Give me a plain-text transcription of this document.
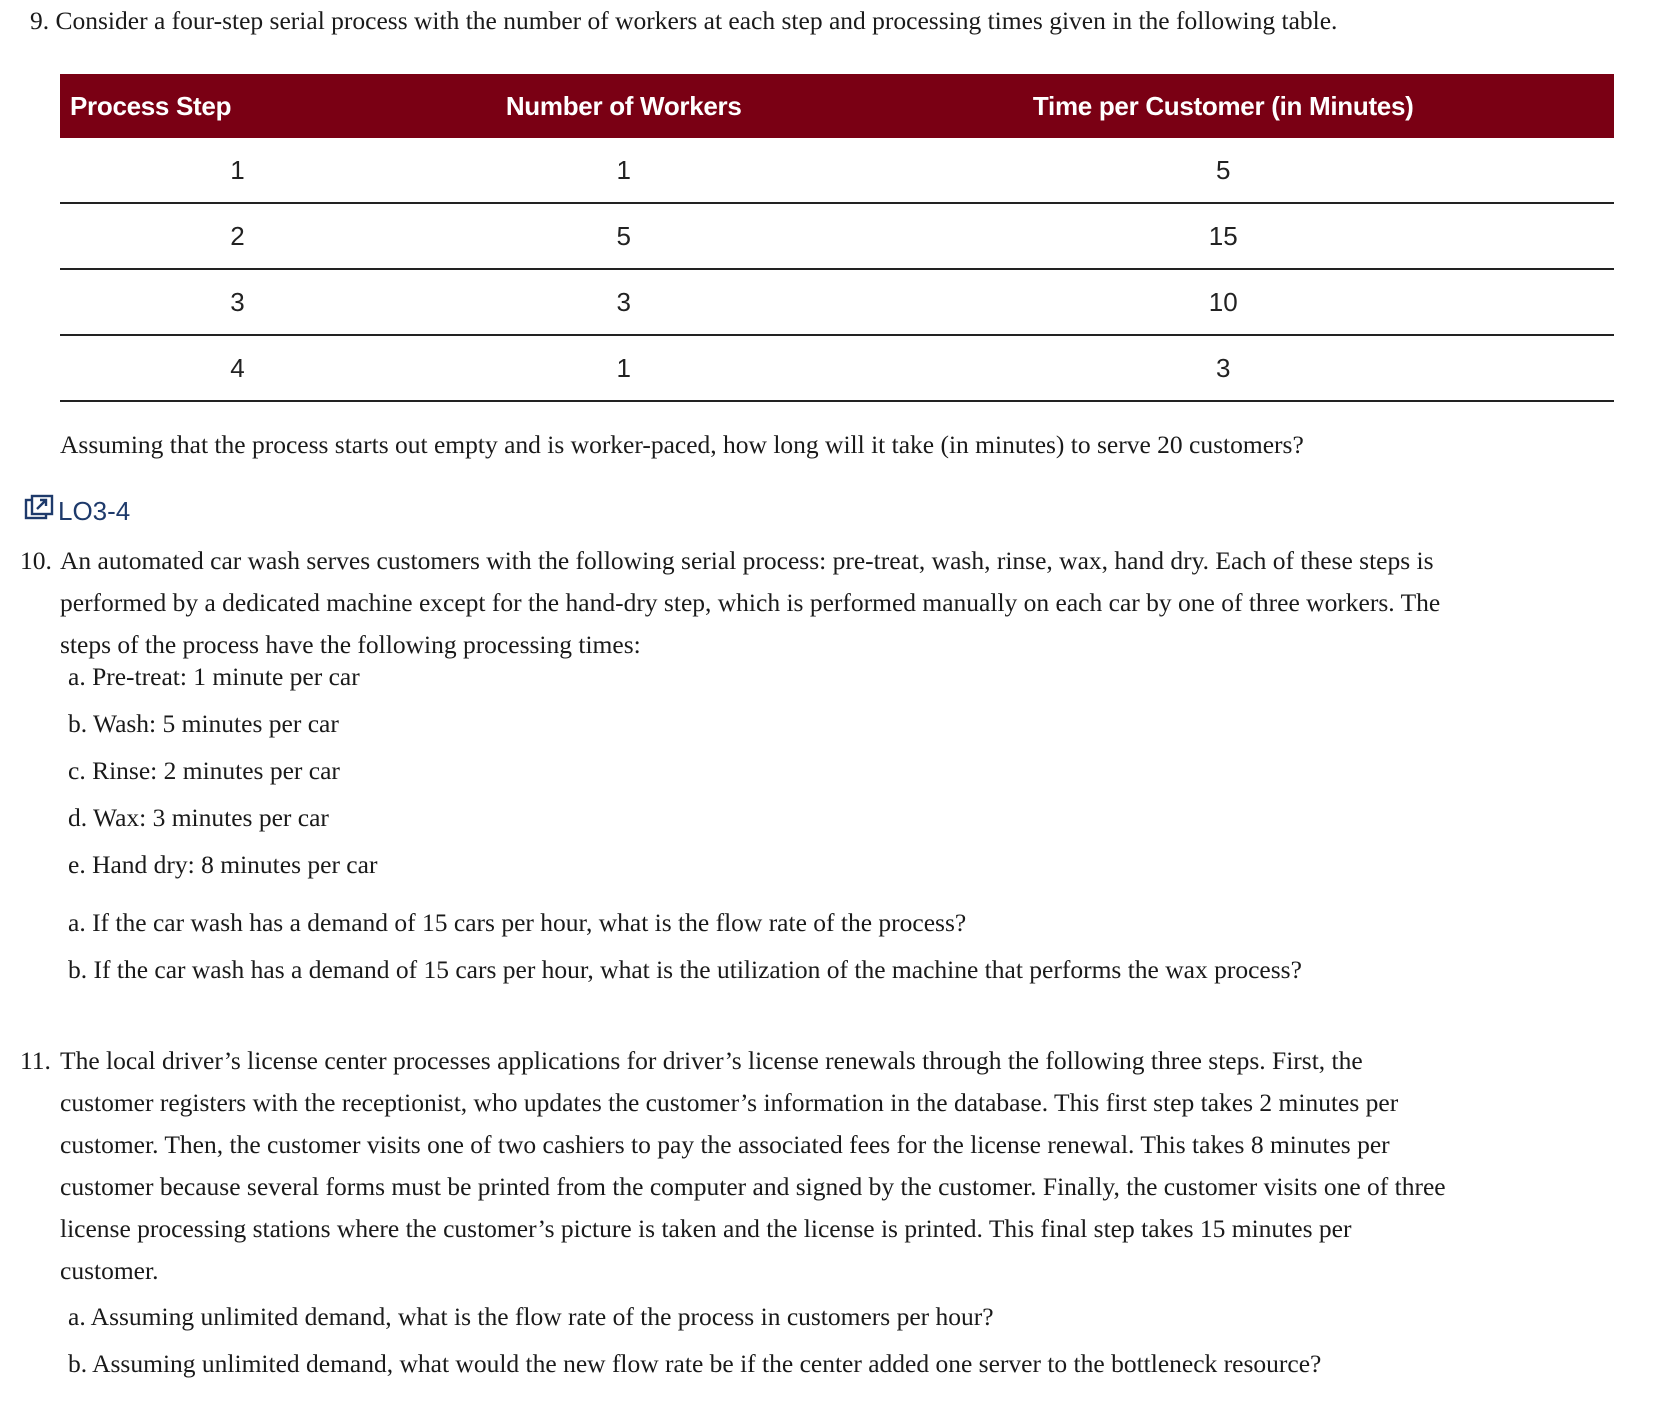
9. Consider a four-step serial process with the number of workers at each step and processing times given in the following table.
Process Step	Number of Workers	Time per Customer (in Minutes)
1	1	5
2	5	15
3	3	10
4	1	3
Assuming that the process starts out empty and is worker-paced, how long will it take (in minutes) to serve 20 customers?
LO3-4
10. An automated car wash serves customers with the following serial process: pre-treat, wash, rinse, wax, hand dry. Each of these steps is
performed by a dedicated machine except for the hand-dry step, which is performed manually on each car by one of three workers. The
steps of the process have the following processing times:
a. Pre-treat: 1 minute per car
b. Wash: 5 minutes per car
c. Rinse: 2 minutes per car
d. Wax: 3 minutes per car
e. Hand dry: 8 minutes per car
a. If the car wash has a demand of 15 cars per hour, what is the flow rate of the process?
b. If the car wash has a demand of 15 cars per hour, what is the utilization of the machine that performs the wax process?
11. The local driver’s license center processes applications for driver’s license renewals through the following three steps. First, the
customer registers with the receptionist, who updates the customer’s information in the database. This first step takes 2 minutes per
customer. Then, the customer visits one of two cashiers to pay the associated fees for the license renewal. This takes 8 minutes per
customer because several forms must be printed from the computer and signed by the customer. Finally, the customer visits one of three
license processing stations where the customer’s picture is taken and the license is printed. This final step takes 15 minutes per
customer.
a. Assuming unlimited demand, what is the flow rate of the process in customers per hour?
b. Assuming unlimited demand, what would the new flow rate be if the center added one server to the bottleneck resource?
